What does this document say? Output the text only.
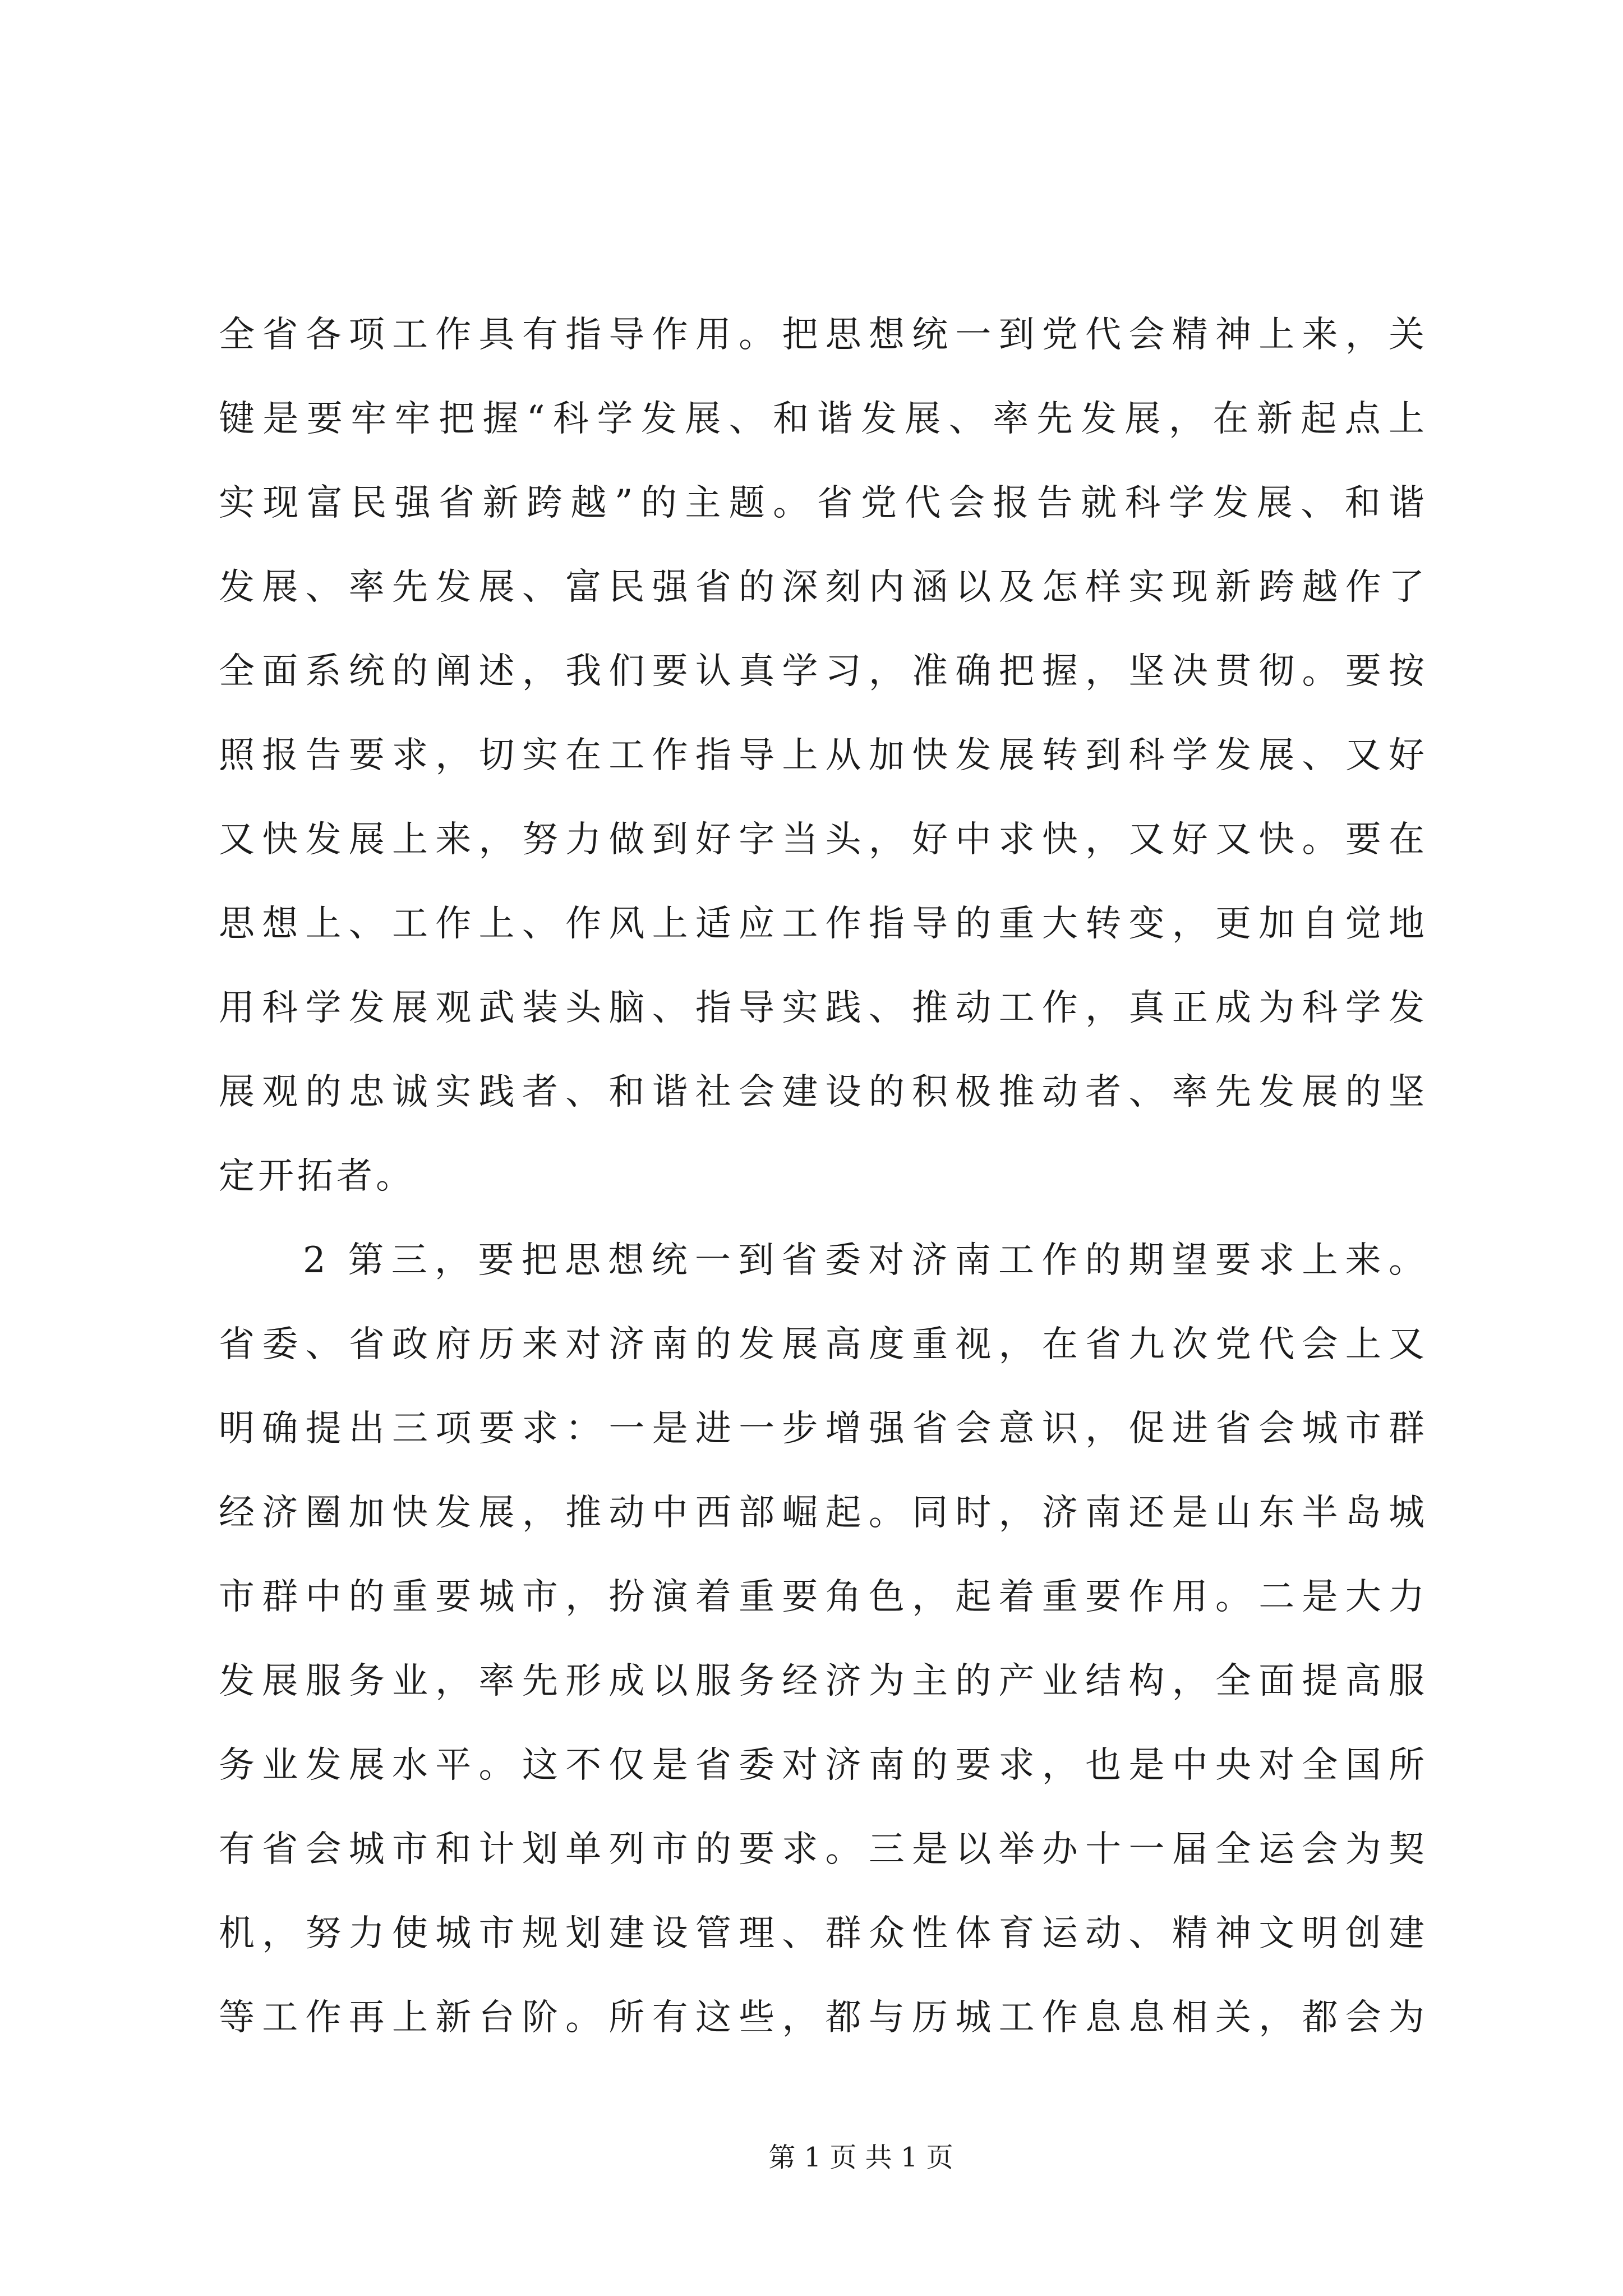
全省各项工作具有指导作用。把思想统一到党代会精神上来，关
键是要牢牢把握“科学发展、和谐发展、率先发展，在新起点上
实现富民强省新跨越”的主题。省党代会报告就科学发展、和谐
发展、率先发展、富民强省的深刻内涵以及怎样实现新跨越作了
全面系统的阐述，我们要认真学习，准确把握，坚决贯彻。要按
照报告要求，切实在工作指导上从加快发展转到科学发展、又好
又快发展上来，努力做到好字当头，好中求快，又好又快。要在
思想上、工作上、作风上适应工作指导的重大转变，更加自觉地
用科学发展观武装头脑、指导实践、推动工作，真正成为科学发
展观的忠诚实践者、和谐社会建设的积极推动者、率先发展的坚
定开拓者。
2 第三，要把思想统一到省委对济南工作的期望要求上来。
省委、省政府历来对济南的发展高度重视，在省九次党代会上又
明确提出三项要求：一是进一步增强省会意识，促进省会城市群
经济圈加快发展，推动中西部崛起。同时，济南还是山东半岛城
市群中的重要城市，扮演着重要角色，起着重要作用。二是大力
发展服务业，率先形成以服务经济为主的产业结构，全面提高服
务业发展水平。这不仅是省委对济南的要求，也是中央对全国所
有省会城市和计划单列市的要求。三是以举办十一届全运会为契
机，努力使城市规划建设管理、群众性体育运动、精神文明创建
等工作再上新台阶。所有这些，都与历城工作息息相关，都会为
第 1 页 共 1 页
